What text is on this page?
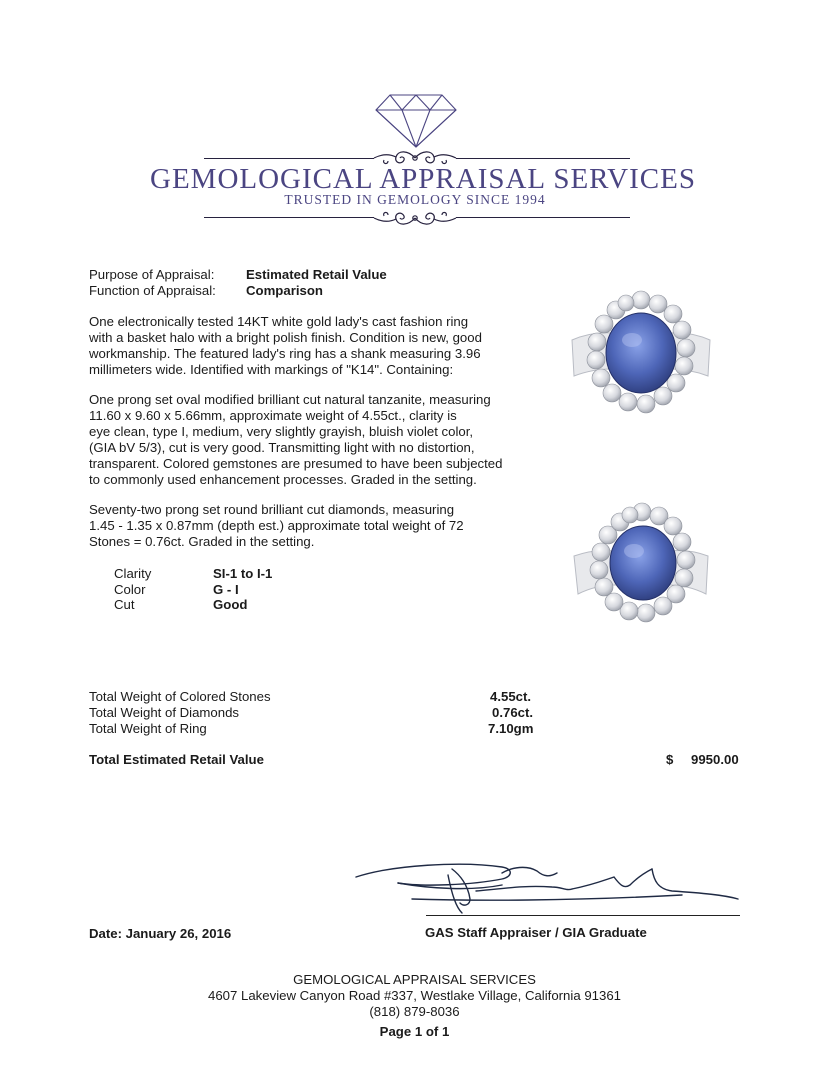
GEMOLOGICAL APPRAISAL SERVICES
TRUSTED IN GEMOLOGY SINCE 1994
Purpose of Appraisal: Estimated Retail Value
Function of Appraisal: Comparison
One electronically tested 14KT white gold lady's cast fashion ring
with a basket halo with a bright polish finish. Condition is new, good
workmanship. The featured lady's ring has a shank measuring 3.96
millimeters wide. Identified with markings of "K14". Containing:
One prong set oval modified brilliant cut natural tanzanite, measuring
11.60 x 9.60 x 5.66mm, approximate weight of 4.55ct., clarity is
eye clean, type I, medium, very slightly grayish, bluish violet color,
(GIA bV 5/3), cut is very good. Transmitting light with no distortion,
transparent. Colored gemstones are presumed to have been subjected
to commonly used enhancement processes. Graded in the setting.
Seventy-two prong set round brilliant cut diamonds, measuring
1.45 - 1.35 x 0.87mm (depth est.) approximate total weight of 72
Stones = 0.76ct. Graded in the setting.
Clarity	SI-1 to I-1
Color	G - I
Cut	Good
Total Weight of Colored Stones	4.55ct.
Total Weight of Diamonds	0.76ct.
Total Weight of Ring	7.10gm
Total Estimated Retail Value	$ 9950.00
Date: January 26, 2016	GAS Staff Appraiser / GIA Graduate
GEMOLOGICAL APPRAISAL SERVICES
4607 Lakeview Canyon Road #337, Westlake Village, California 91361
(818) 879-8036
Page 1 of 1
